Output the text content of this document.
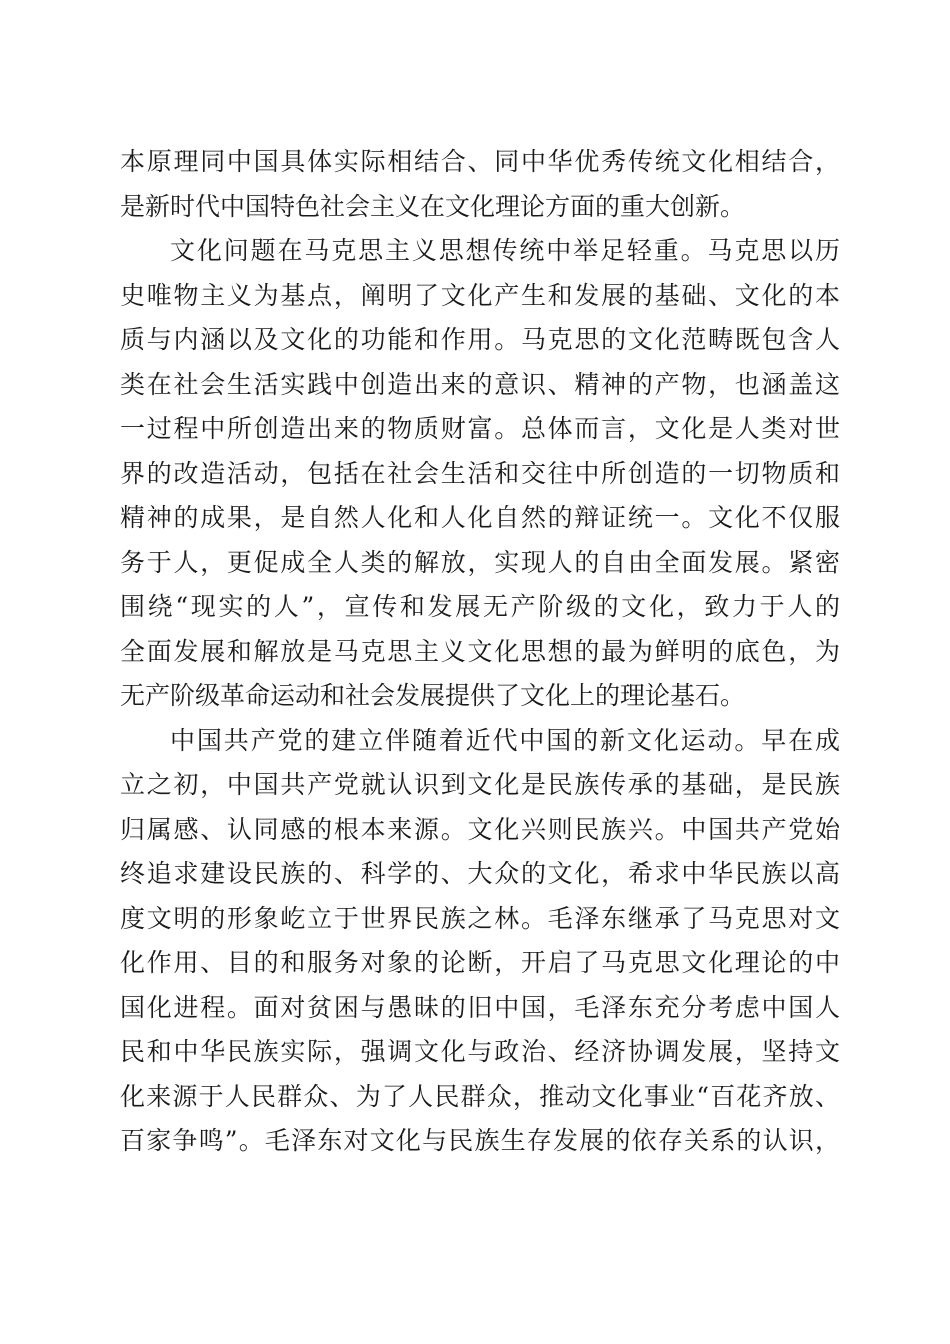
本原理同中国具体实际相结合、同中华优秀传统文化相结合，
是新时代中国特色社会主义在文化理论方面的重大创新。
文化问题在马克思主义思想传统中举足轻重。马克思以历
史唯物主义为基点，阐明了文化产生和发展的基础、文化的本
质与内涵以及文化的功能和作用。马克思的文化范畴既包含人
类在社会生活实践中创造出来的意识、精神的产物，也涵盖这
一过程中所创造出来的物质财富。总体而言，文化是人类对世
界的改造活动，包括在社会生活和交往中所创造的一切物质和
精神的成果，是自然人化和人化自然的辩证统一。文化不仅服
务于人，更促成全人类的解放，实现人的自由全面发展。紧密
围绕“现实的人”，宣传和发展无产阶级的文化，致力于人的
全面发展和解放是马克思主义文化思想的最为鲜明的底色，为
无产阶级革命运动和社会发展提供了文化上的理论基石。
中国共产党的建立伴随着近代中国的新文化运动。早在成
立之初，中国共产党就认识到文化是民族传承的基础，是民族
归属感、认同感的根本来源。文化兴则民族兴。中国共产党始
终追求建设民族的、科学的、大众的文化，希求中华民族以高
度文明的形象屹立于世界民族之林。毛泽东继承了马克思对文
化作用、目的和服务对象的论断，开启了马克思文化理论的中
国化进程。面对贫困与愚昧的旧中国，毛泽东充分考虑中国人
民和中华民族实际，强调文化与政治、经济协调发展，坚持文
化来源于人民群众、为了人民群众，推动文化事业“百花齐放、
百家争鸣”。毛泽东对文化与民族生存发展的依存关系的认识，
